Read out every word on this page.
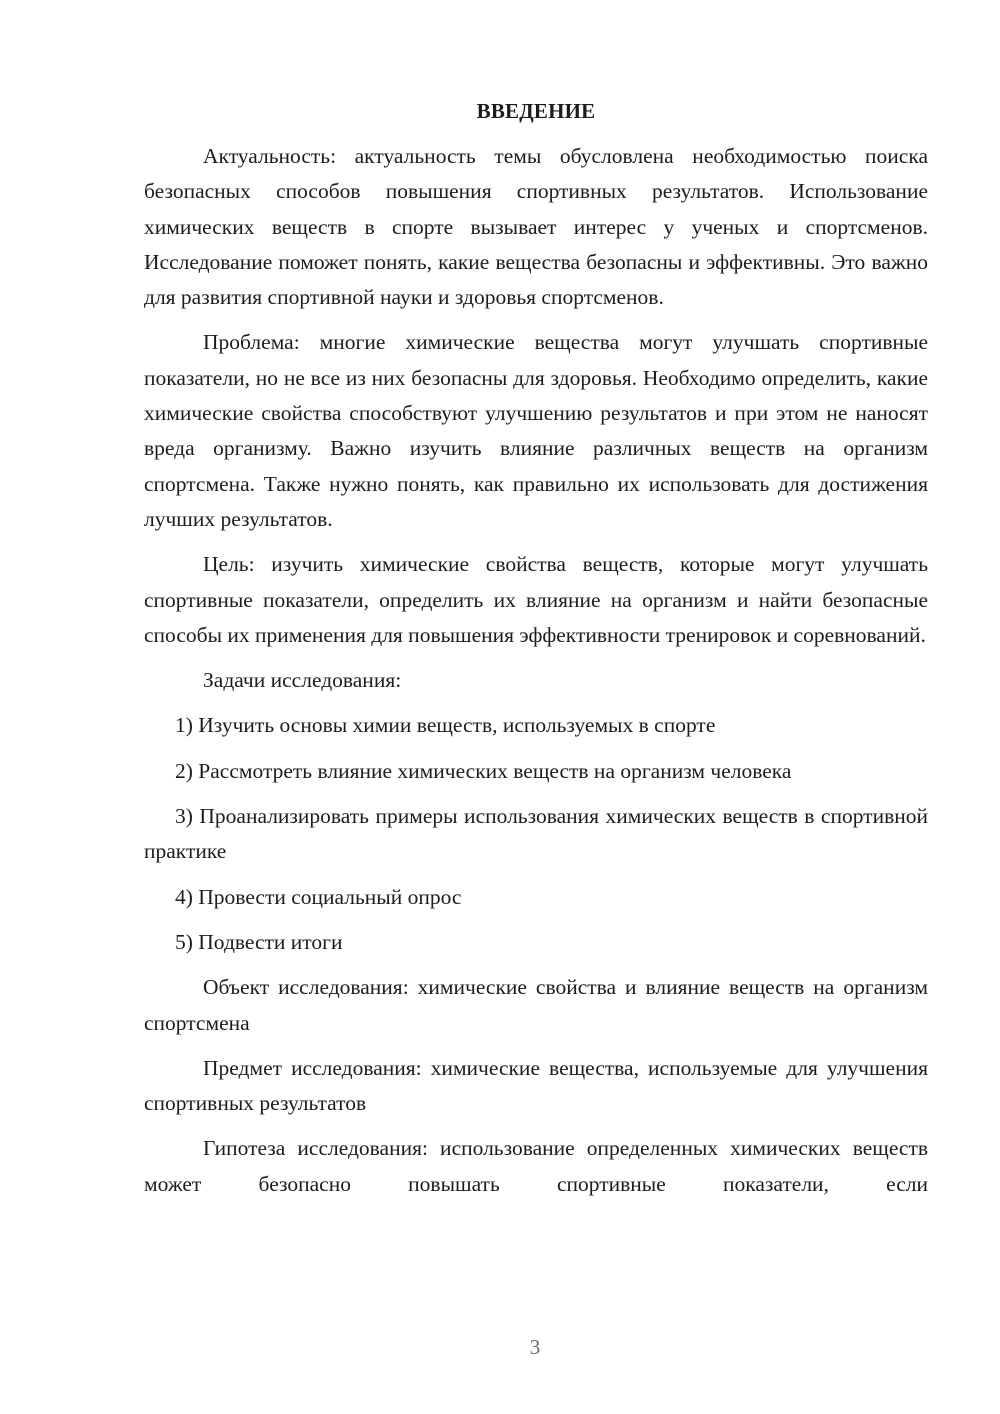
ВВЕДЕНИЕ

Актуальность: актуальность темы обусловлена необходимостью поиска безопасных способов повышения спортивных результатов. Использование химических веществ в спорте вызывает интерес у ученых и спортсменов. Исследование поможет понять, какие вещества безопасны и эффективны. Это важно для развития спортивной науки и здоровья спортсменов.

Проблема: многие химические вещества могут улучшать спортивные показатели, но не все из них безопасны для здоровья. Необходимо определить, какие химические свойства способствуют улучшению результатов и при этом не наносят вреда организму. Важно изучить влияние различных веществ на организм спортсмена. Также нужно понять, как правильно их использовать для достижения лучших результатов.

Цель: изучить химические свойства веществ, которые могут улучшать спортивные показатели, определить их влияние на организм и найти безопасные способы их применения для повышения эффективности тренировок и соревнований.

Задачи исследования:

1) Изучить основы химии веществ, используемых в спорте

2) Рассмотреть влияние химических веществ на организм человека

3) Проанализировать примеры использования химических веществ в спортивной практике

4) Провести социальный опрос

5) Подвести итоги

Объект исследования: химические свойства и влияние веществ на организм спортсмена

Предмет исследования: химические вещества, используемые для улучшения спортивных результатов

Гипотеза исследования: использование определенных химических веществ может безопасно повышать спортивные показатели, если

3
